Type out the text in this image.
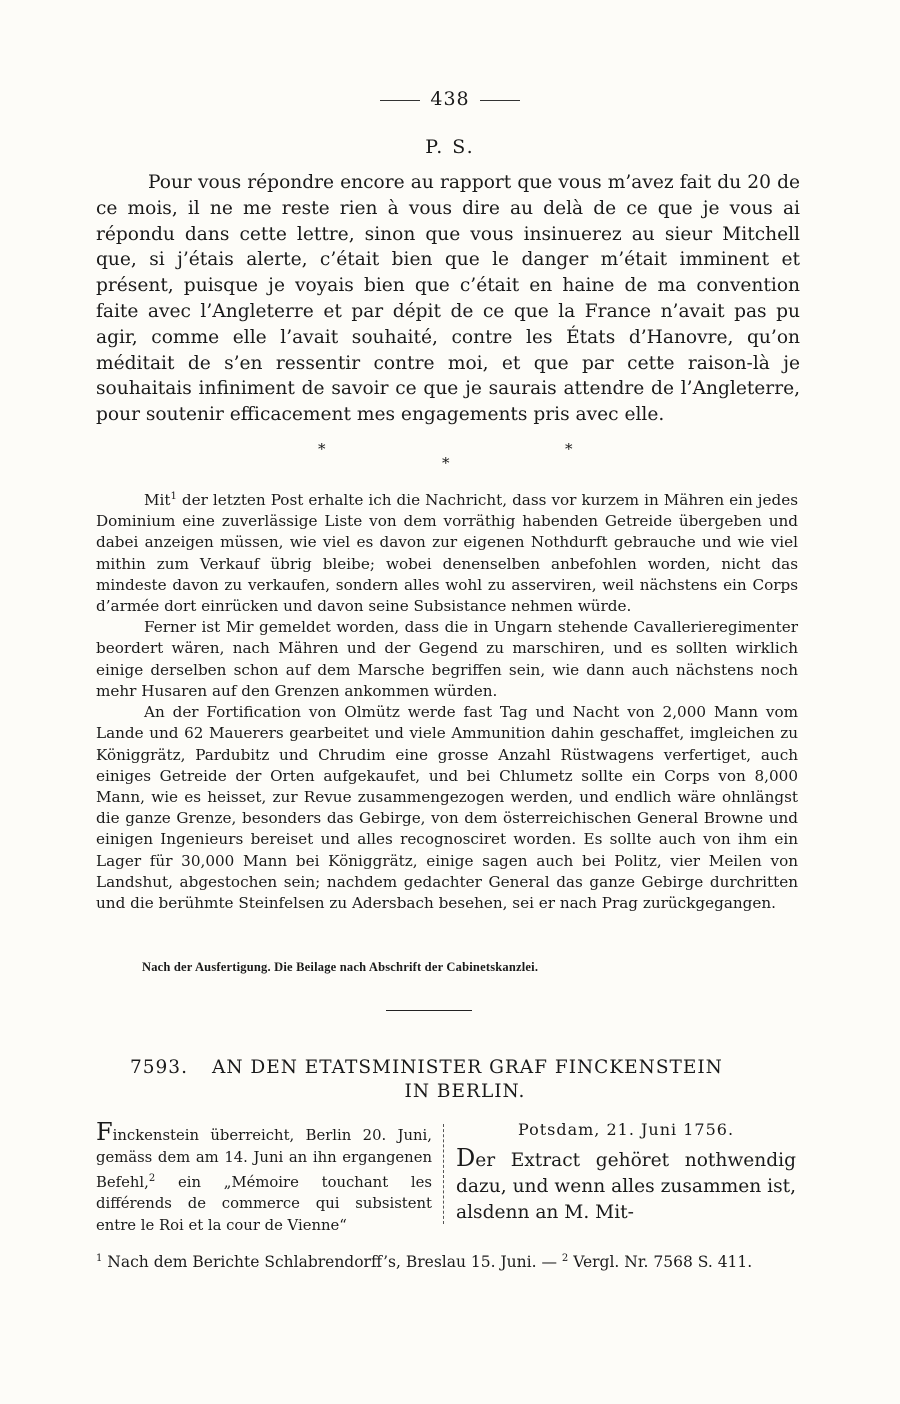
438
P. S.

Pour vous répondre encore au rapport que vous m’avez fait du 20 de ce mois, il ne me reste rien à vous dire au delà de ce que je vous ai répondu dans cette lettre, sinon que vous insinuerez au sieur Mitchell que, si j’étais alerte, c’était bien que le danger m’était imminent et présent, puisque je voyais bien que c’était en haine de ma convention faite avec l’Angleterre et par dépit de ce que la France n’avait pas pu agir, comme elle l’avait souhaité, contre les États d’Hanovre, qu’on méditait de s’en ressentir contre moi, et que par cette raison-là je souhaitais infiniment de savoir ce que je saurais attendre de l’Angleterre, pour soutenir efficacement mes engagements pris avec elle.

*
*
*

Mit$^1$ der letzten Post erhalte ich die Nachricht, dass vor kurzem in Mähren ein jedes Dominium eine zuverlässige Liste von dem vorräthig habenden Getreide übergeben und dabei anzeigen müssen, wie viel es davon zur eigenen Nothdurft gebrauche und wie viel mithin zum Verkauf übrig bleibe; wobei denenselben anbefohlen worden, nicht das mindeste davon zu verkaufen, sondern alles wohl zu asserviren, weil nächstens ein Corps d’armée dort einrücken und davon seine Subsistance nehmen würde.

Ferner ist Mir gemeldet worden, dass die in Ungarn stehende Cavallerieregimenter beordert wären, nach Mähren und der Gegend zu marschiren, und es sollten wirklich einige derselben schon auf dem Marsche begriffen sein, wie dann auch nächstens noch mehr Husaren auf den Grenzen ankommen würden.

An der Fortification von Olmütz werde fast Tag und Nacht von 2,000 Mann vom Lande und 62 Mauerers gearbeitet und viele Ammunition dahin geschaffet, imgleichen zu Königgrätz, Pardubitz und Chrudim eine grosse Anzahl Rüstwagens verfertiget, auch einiges Getreide der Orten aufgekaufet, und bei Chlumetz sollte ein Corps von 8,000 Mann, wie es heisset, zur Revue zusammengezogen werden, und endlich wäre ohnlängst die ganze Grenze, besonders das Gebirge, von dem österreichischen General Browne und einigen Ingenieurs bereiset und alles recognosciret worden. Es sollte auch von ihm ein Lager für 30,000 Mann bei Königgrätz, einige sagen auch bei Politz, vier Meilen von Landshut, abgestochen sein; nachdem gedachter General das ganze Gebirge durchritten und die berühmte Steinfelsen zu Adersbach besehen, sei er nach Prag zurückgegangen.

Nach der Ausfertigung. Die Beilage nach Abschrift der Cabinetskanzlei.
7593. AN DEN ETATSMINISTER GRAF FINCKENSTEIN
IN BERLIN.
Finckenstein überreicht, Berlin 20. Juni, gemäss dem am 14. Juni an ihn ergangenen Befehl,$^2$ ein „Mémoire touchant les différends de commerce qui subsistent entre le Roi et la cour de Vienne“
Potsdam, 21. Juni 1756.
Der Extract gehöret nothwendig dazu, und wenn alles zusammen ist, alsdenn an M. Mit-
$^1$ Nach dem Berichte Schlabrendorff’s, Breslau 15. Juni. — $^2$ Vergl. Nr. 7568 S. 411.
